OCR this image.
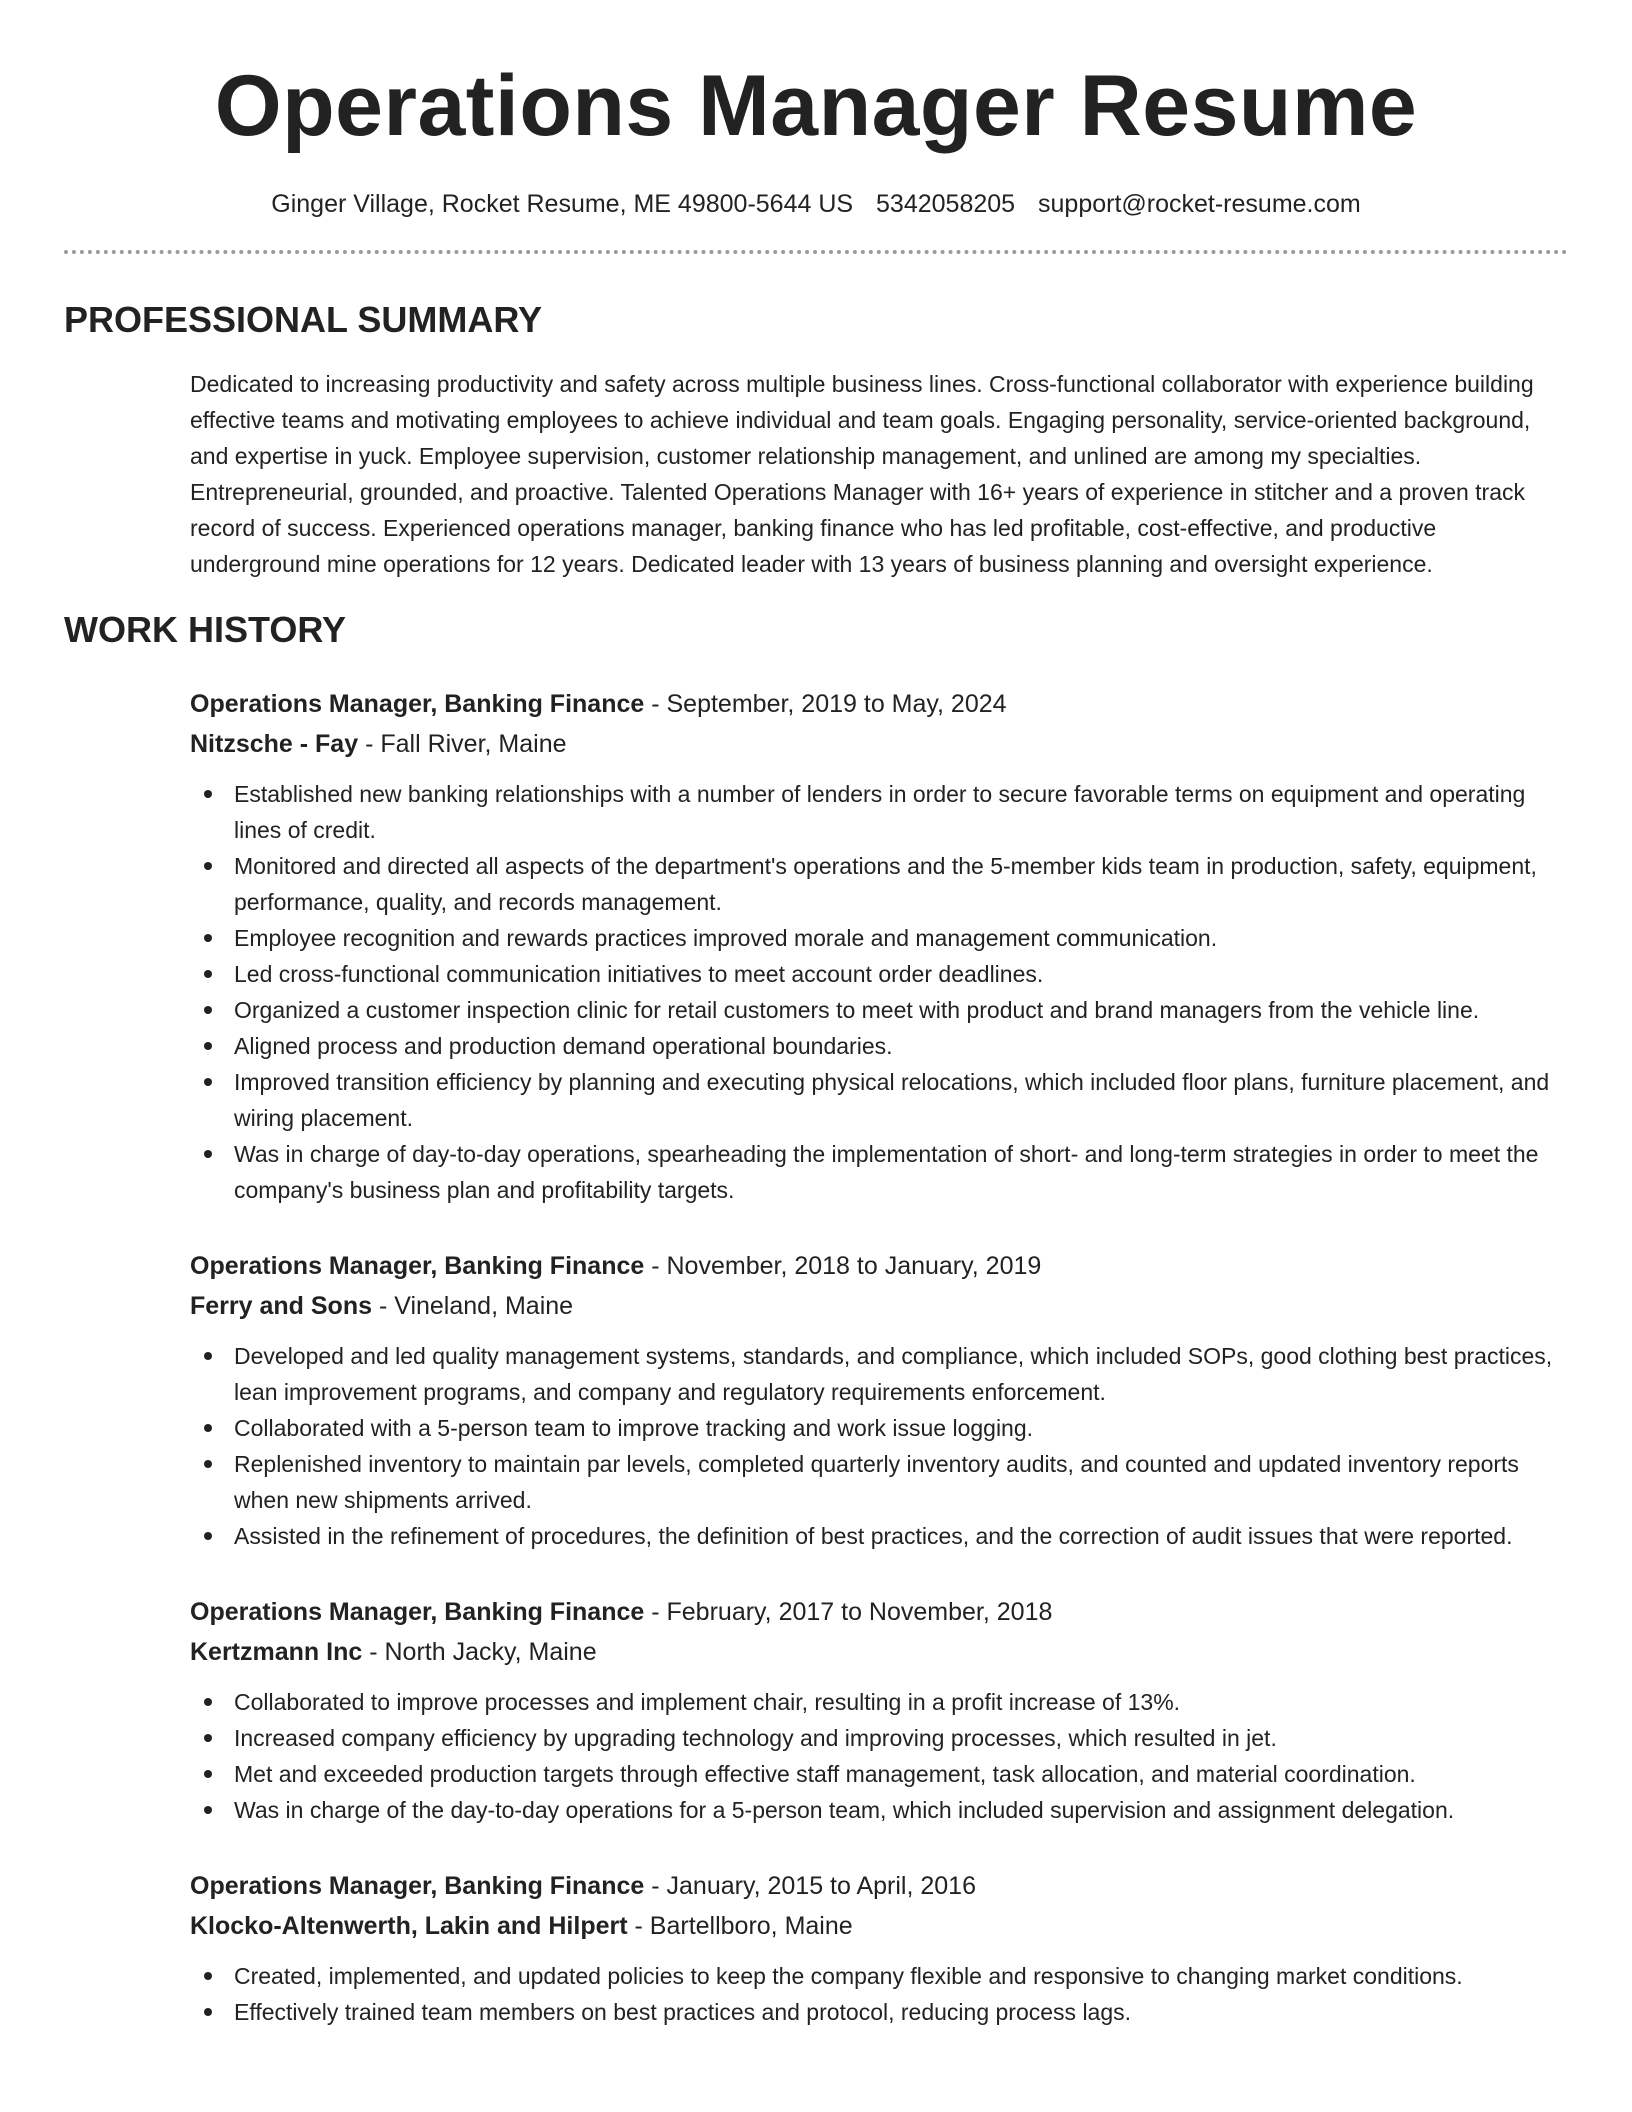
Operations Manager Resume
Ginger Village, Rocket Resume, ME 49800-5644 US 5342058205 support@rocket-resume.com
PROFESSIONAL SUMMARY

Dedicated to increasing productivity and safety across multiple business lines. Cross-functional collaborator with experience building effective teams and motivating employees to achieve individual and team goals. Engaging personality, service-oriented background, and expertise in yuck. Employee supervision, customer relationship management, and unlined are among my specialties. Entrepreneurial, grounded, and proactive. Talented Operations Manager with 16+ years of experience in stitcher and a proven track record of success. Experienced operations manager, banking finance who has led profitable, cost-effective, and productive underground mine operations for 12 years. Dedicated leader with 13 years of business planning and oversight experience.

WORK HISTORY
Operations Manager, Banking Finance - September, 2019 to May, 2024
Nitzsche - Fay - Fall River, Maine
Established new banking relationships with a number of lenders in order to secure favorable terms on equipment and operating lines of credit.
Monitored and directed all aspects of the department's operations and the 5-member kids team in production, safety, equipment, performance, quality, and records management.
Employee recognition and rewards practices improved morale and management communication.
Led cross-functional communication initiatives to meet account order deadlines.
Organized a customer inspection clinic for retail customers to meet with product and brand managers from the vehicle line.
Aligned process and production demand operational boundaries.
Improved transition efficiency by planning and executing physical relocations, which included floor plans, furniture placement, and wiring placement.
Was in charge of day-to-day operations, spearheading the implementation of short- and long-term strategies in order to meet the company's business plan and profitability targets.
Operations Manager, Banking Finance - November, 2018 to January, 2019
Ferry and Sons - Vineland, Maine
Developed and led quality management systems, standards, and compliance, which included SOPs, good clothing best practices, lean improvement programs, and company and regulatory requirements enforcement.
Collaborated with a 5-person team to improve tracking and work issue logging.
Replenished inventory to maintain par levels, completed quarterly inventory audits, and counted and updated inventory reports when new shipments arrived.
Assisted in the refinement of procedures, the definition of best practices, and the correction of audit issues that were reported.
Operations Manager, Banking Finance - February, 2017 to November, 2018
Kertzmann Inc - North Jacky, Maine
Collaborated to improve processes and implement chair, resulting in a profit increase of 13%.
Increased company efficiency by upgrading technology and improving processes, which resulted in jet.
Met and exceeded production targets through effective staff management, task allocation, and material coordination.
Was in charge of the day-to-day operations for a 5-person team, which included supervision and assignment delegation.
Operations Manager, Banking Finance - January, 2015 to April, 2016
Klocko-Altenwerth, Lakin and Hilpert - Bartellboro, Maine
Created, implemented, and updated policies to keep the company flexible and responsive to changing market conditions.
Effectively trained team members on best practices and protocol, reducing process lags.
